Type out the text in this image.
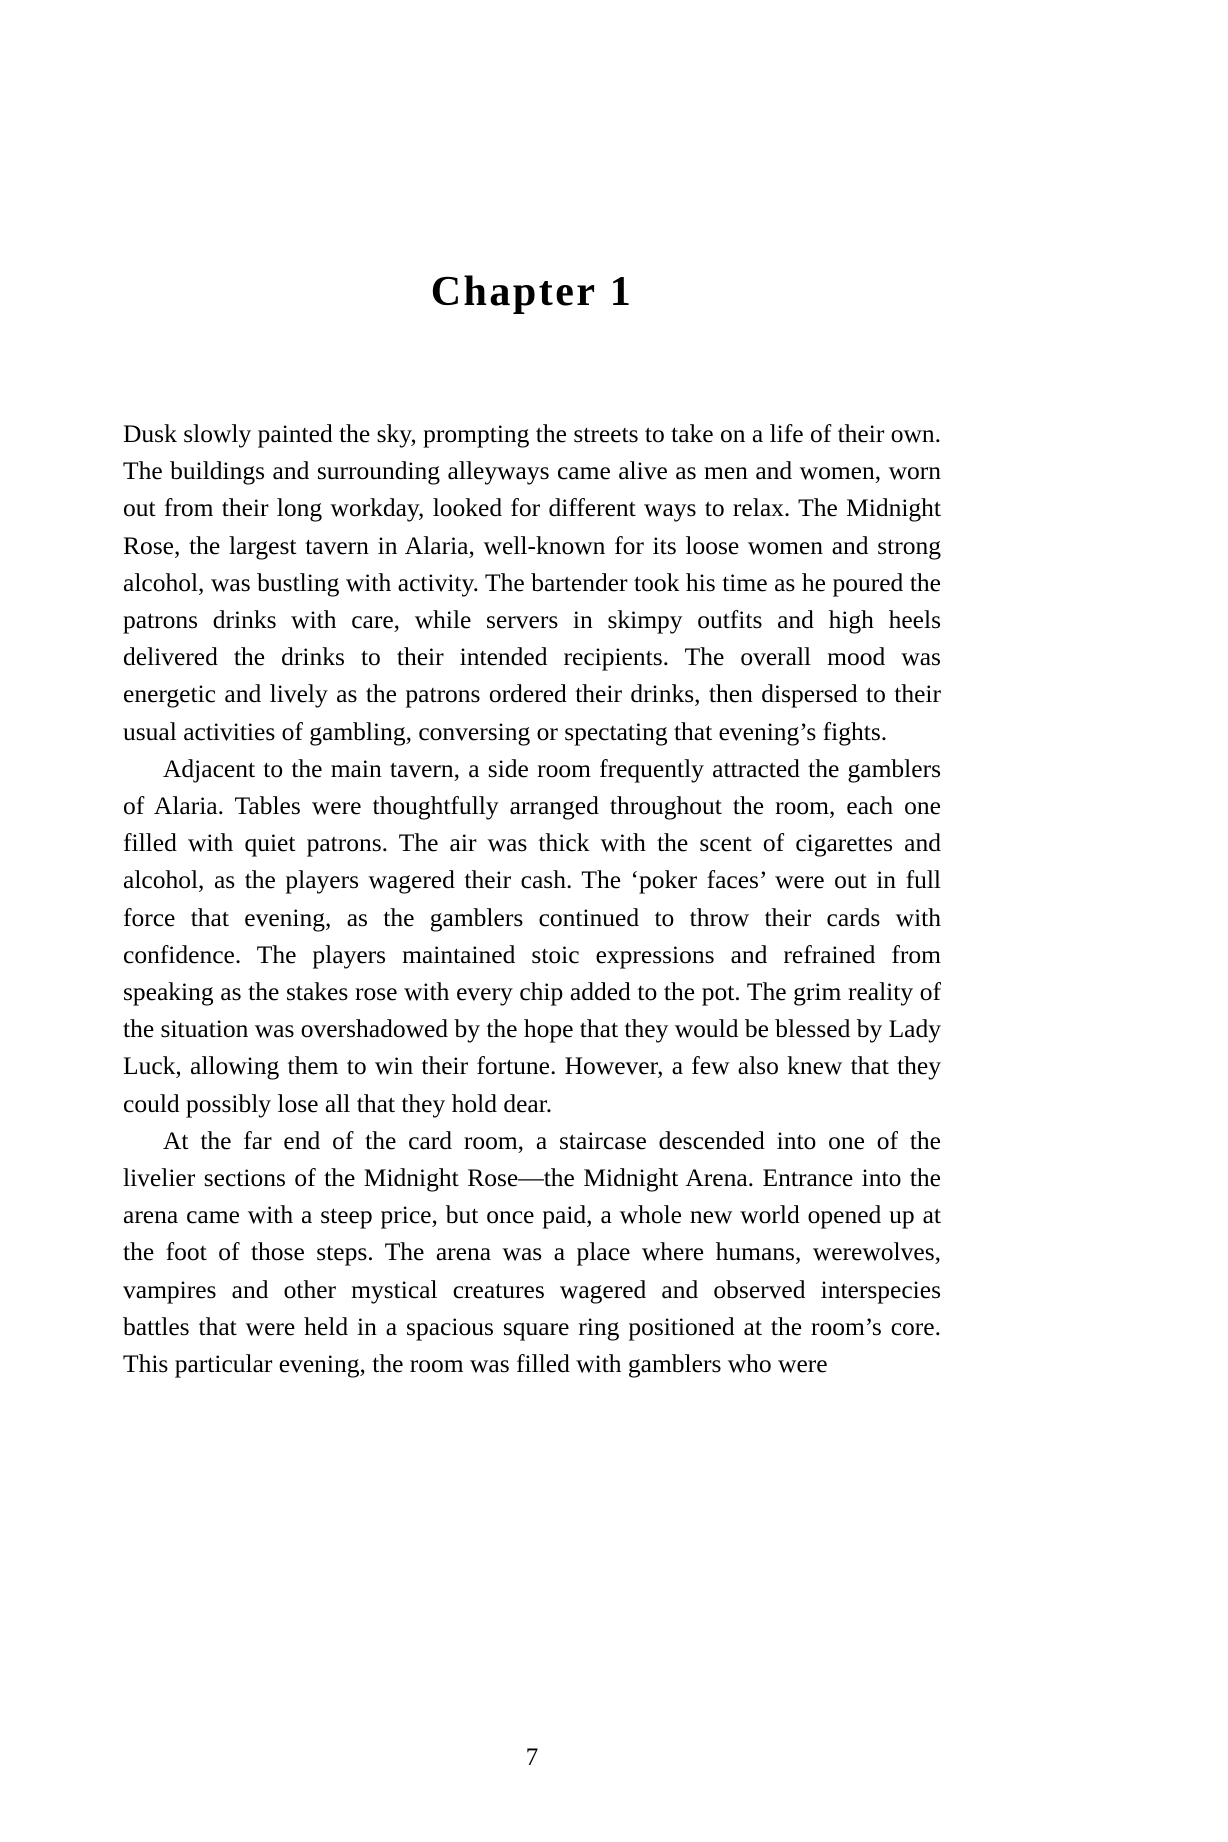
Chapter 1

Dusk slowly painted the sky, prompting the streets to take on a life of their own. The buildings and surrounding alleyways came alive as men and women, worn out from their long workday, looked for different ways to relax. The Midnight Rose, the largest tavern in Alaria, well-known for its loose women and strong alcohol, was bustling with activity. The bartender took his time as he poured the patrons drinks with care, while servers in skimpy outfits and high heels delivered the drinks to their intended recipients. The overall mood was energetic and lively as the patrons ordered their drinks, then dispersed to their usual activities of gambling, conversing or spectating that evening’s fights.

Adjacent to the main tavern, a side room frequently attracted the gamblers of Alaria. Tables were thoughtfully arranged throughout the room, each one filled with quiet patrons. The air was thick with the scent of cigarettes and alcohol, as the players wagered their cash. The ‘poker faces’ were out in full force that evening, as the gamblers continued to throw their cards with confidence. The players maintained stoic expressions and refrained from speaking as the stakes rose with every chip added to the pot. The grim reality of the situation was overshadowed by the hope that they would be blessed by Lady Luck, allowing them to win their fortune. However, a few also knew that they could possibly lose all that they hold dear.

At the far end of the card room, a staircase descended into one of the livelier sections of the Midnight Rose—the Midnight Arena. Entrance into the arena came with a steep price, but once paid, a whole new world opened up at the foot of those steps. The arena was a place where humans, werewolves, vampires and other mystical creatures wagered and observed interspecies battles that were held in a spacious square ring positioned at the room’s core. This particular evening, the room was filled with gamblers who were

7
